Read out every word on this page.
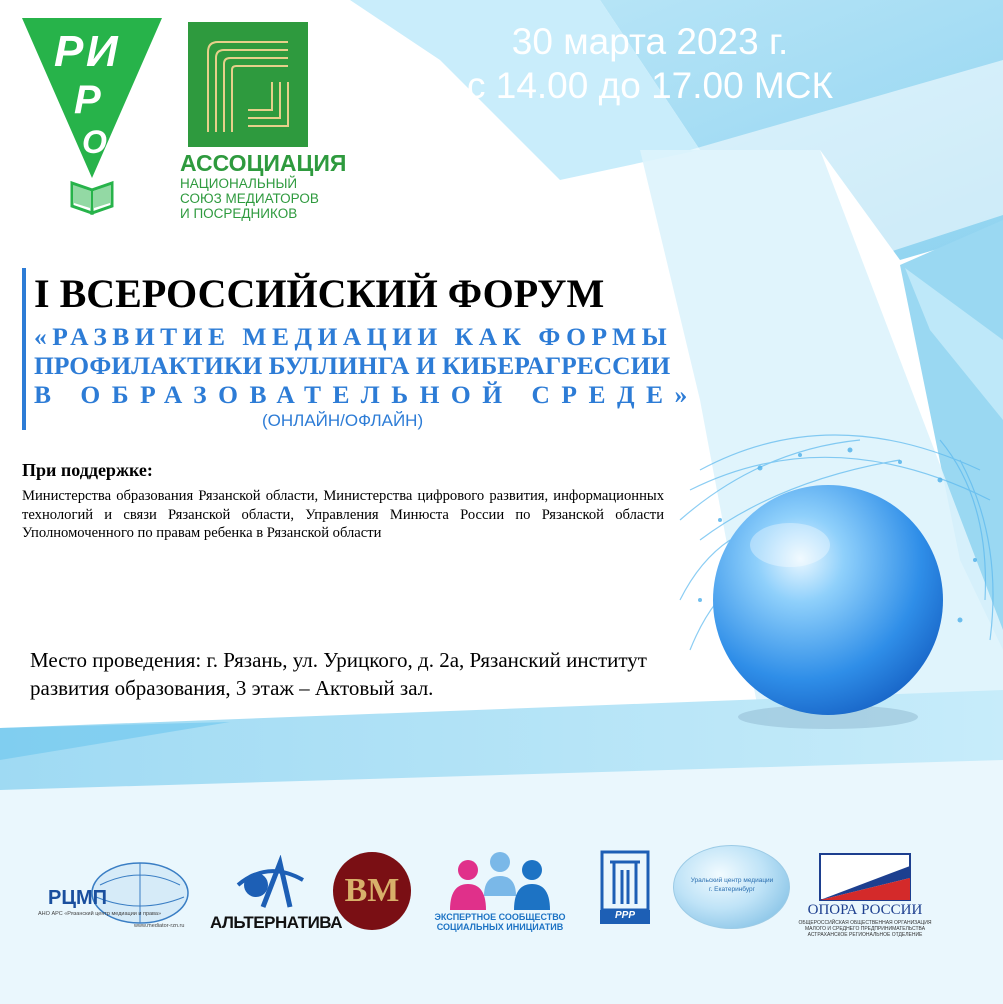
30 марта 2023 г.
с 14.00 до 17.00 МСК
Р И
Р
О
АССОЦИАЦИЯ
НАЦИОНАЛЬНЫЙ
СОЮЗ МЕДИАТОРОВ
И ПОСРЕДНИКОВ
I ВСЕРОССИЙСКИЙ ФОРУМ
«РАЗВИТИЕ МЕДИАЦИИ КАК ФОРМЫ
ПРОФИЛАКТИКИ БУЛЛИНГА И КИБЕРАГРЕССИИ
В ОБРАЗОВАТЕЛЬНОЙ СРЕДЕ»
(ОНЛАЙН/ОФЛАЙН)
При поддержке:
Министерства образования Рязанской области, Министерства цифрового развития, информационных технологий и связи Рязанской области, Управления Минюста России по Рязанской области Уполномоченного по правам ребенка в Рязанской области
Место проведения: г. Рязань, ул. Урицкого, д. 2а, Рязанский институт
развития образования, 3 этаж – Актовый зал.
РЦМП
АНО АРС «Рязанский центр медиации и права»
www.mediator-rzn.ru АЛЬТЕРНАТИВА
BM
ЭКСПЕРТНОЕ СООБЩЕСТВО
СОЦИАЛЬНЫХ ИНИЦИАТИВ
РРР
Уральский центр медиации
г. Екатеринбург
ОПОРА РОССИИ
ОБЩЕРОССИЙСКАЯ ОБЩЕСТВЕННАЯ ОРГАНИЗАЦИЯ
МАЛОГО И СРЕДНЕГО ПРЕДПРИНИМАТЕЛЬСТВА
АСТРАХАНСКОЕ РЕГИОНАЛЬНОЕ ОТДЕЛЕНИЕ
